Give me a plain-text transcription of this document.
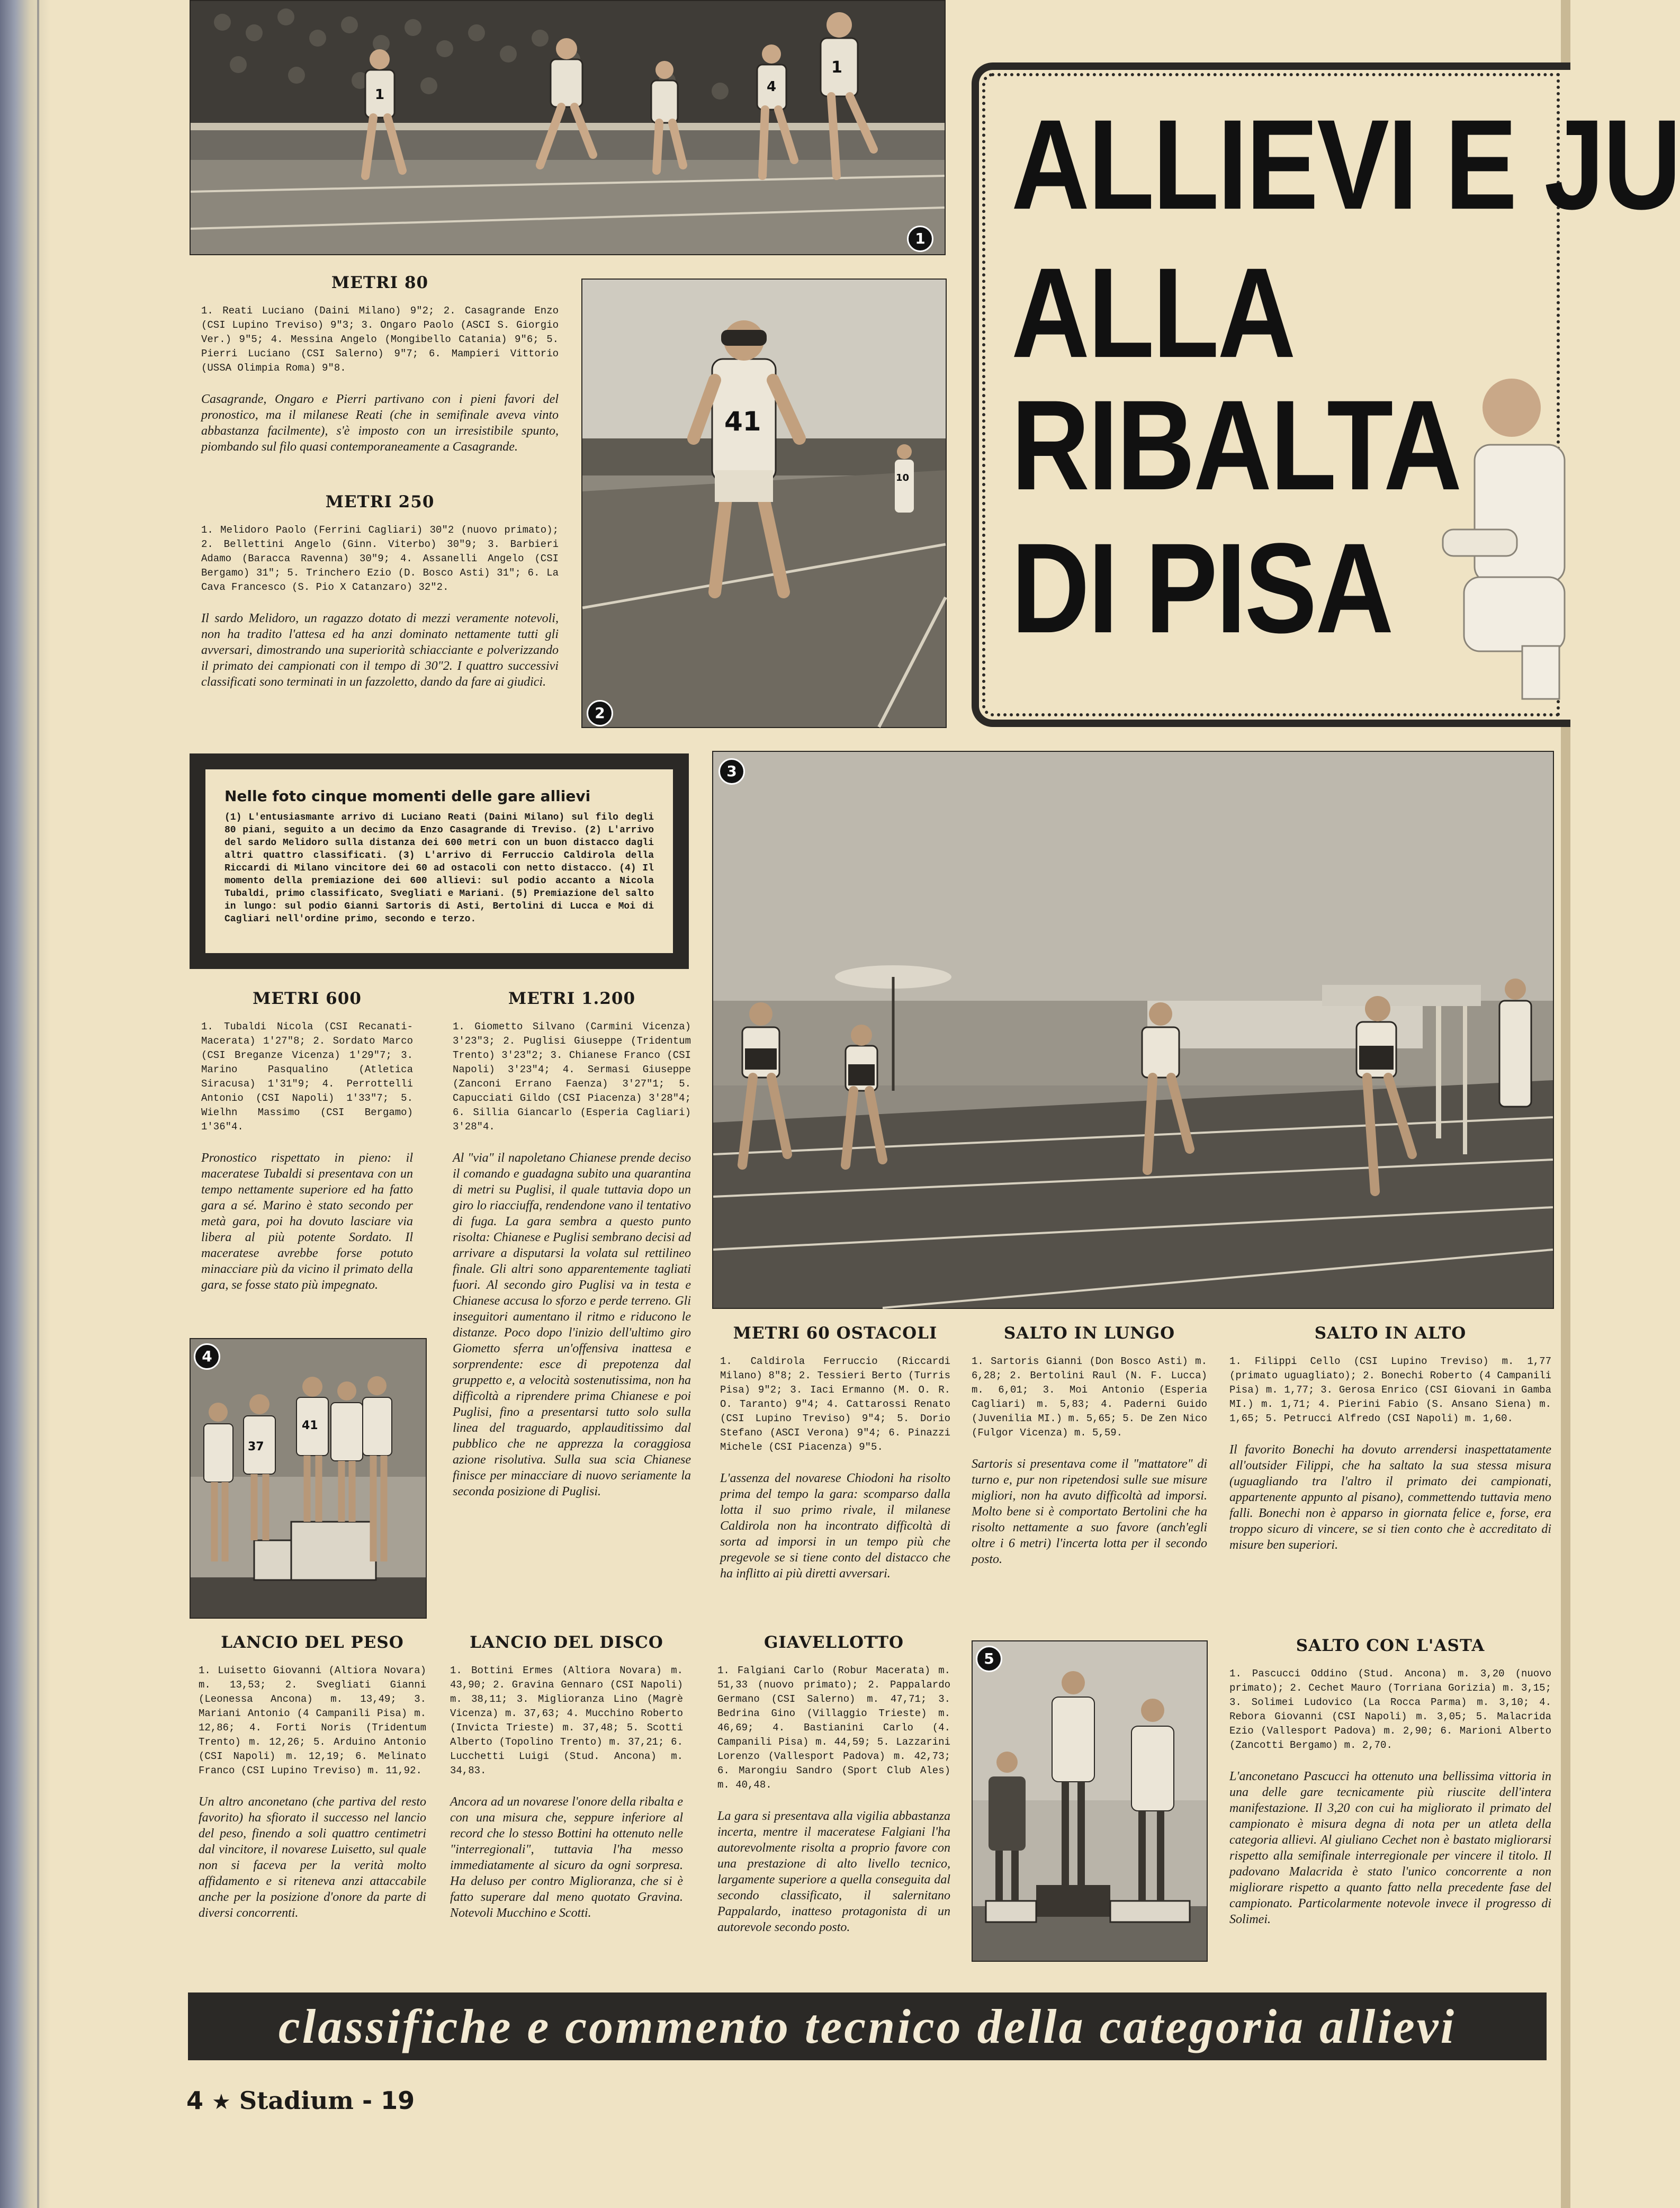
1
4
1
1
41
10
2
3
37
41
4
5
ALLIEVI E JU
ALLA
RIBALTA
DI PISA
Nelle foto cinque momenti delle gare allievi

(1) L'entusiasmante arrivo di Luciano Reati (Daini Milano) sul filo degli 80 piani, seguito a un decimo da Enzo Casagrande di Treviso. (2) L'arrivo del sardo Melidoro sulla distanza dei 600 metri con un buon distacco dagli altri quattro classificati. (3) L'arrivo di Ferruccio Caldirola della Riccardi di Milano vincitore dei 60 ad ostacoli con netto distacco. (4) Il momento della premiazione dei 600 allievi: sul podio accanto a Nicola Tubaldi, primo classificato, Svegliati e Mariani. (5) Premiazione del salto in lungo: sul podio Gianni Sartoris di Asti, Bertolini di Lucca e Moi di Cagliari nell'ordine primo, secondo e terzo.

METRI 80

1. Reati Luciano (Daini Milano) 9"2; 2. Casagrande Enzo (CSI Lupino Treviso) 9"3; 3. Ongaro Paolo (ASCI S. Giorgio Ver.) 9"5; 4. Messina Angelo (Mongibello Catania) 9"6; 5. Pierri Luciano (CSI Salerno) 9"7; 6. Mampieri Vittorio (USSA Olimpia Roma) 9"8.

Casagrande, Ongaro e Pierri partivano con i pieni favori del pronostico, ma il milanese Reati (che in semifinale aveva vinto abbastanza facilmente), s'è imposto con un irresistibile spunto, piombando sul filo quasi contemporaneamente a Casagrande.

METRI 250

1. Melidoro Paolo (Ferrini Cagliari) 30"2 (nuovo primato); 2. Bellettini Angelo (Ginn. Viterbo) 30"9; 3. Barbieri Adamo (Baracca Ravenna) 30"9; 4. Assanelli Angelo (CSI Bergamo) 31"; 5. Trinchero Ezio (D. Bosco Asti) 31"; 6. La Cava Francesco (S. Pio X Catanzaro) 32"2.

Il sardo Melidoro, un ragazzo dotato di mezzi veramente notevoli, non ha tradito l'attesa ed ha anzi dominato nettamente tutti gli avversari, dimostrando una superiorità schiacciante e polverizzando il primato dei campionati con il tempo di 30"2. I quattro successivi classificati sono terminati in un fazzoletto, dando da fare ai giudici.

METRI 600

1. Tubaldi Nicola (CSI Recanati-Macerata) 1'27"8; 2. Sordato Marco (CSI Breganze Vicenza) 1'29"7; 3. Marino Pasqualino (Atletica Siracusa) 1'31"9; 4. Perrottelli Antonio (CSI Napoli) 1'33"7; 5. Wielhn Massimo (CSI Bergamo) 1'36"4.

Pronostico rispettato in pieno: il maceratese Tubaldi si presentava con un tempo nettamente superiore ed ha fatto gara a sé. Marino è stato secondo per metà gara, poi ha dovuto lasciare via libera al più potente Sordato. Il maceratese avrebbe forse potuto minacciare più da vicino il primato della gara, se fosse stato più impegnato.

METRI 1.200

1. Giometto Silvano (Carmini Vicenza) 3'23"3; 2. Puglisi Giuseppe (Tridentum Trento) 3'23"2; 3. Chianese Franco (CSI Napoli) 3'23"4; 4. Sermasi Giuseppe (Zanconi Errano Faenza) 3'27"1; 5. Capucciati Gildo (CSI Piacenza) 3'28"4; 6. Sillia Giancarlo (Esperia Cagliari) 3'28"4.

Al "via" il napoletano Chianese prende deciso il comando e guadagna subito una quarantina di metri su Puglisi, il quale tuttavia dopo un giro lo riacciuffa, rendendone vano il tentativo di fuga. La gara sembra a questo punto risolta: Chianese e Puglisi sembrano decisi ad arrivare a disputarsi la volata sul rettilineo finale. Gli altri sono apparentemente tagliati fuori. Al secondo giro Puglisi va in testa e Chianese accusa lo sforzo e perde terreno. Gli inseguitori aumentano il ritmo e riducono le distanze. Poco dopo l'inizio dell'ultimo giro Giometto sferra un'offensiva inattesa e sorprendente: esce di prepotenza dal gruppetto e, a velocità sostenutissima, non ha difficoltà a riprendere prima Chianese e poi Puglisi, fino a presentarsi tutto solo sulla linea del traguardo, applauditissimo dal pubblico che ne apprezza la coraggiosa azione risolutiva. Sulla sua scia Chianese finisce per minacciare di nuovo seriamente la seconda posizione di Puglisi.

METRI 60 OSTACOLI

1. Caldirola Ferruccio (Riccardi Milano) 8"8; 2. Tessieri Berto (Turris Pisa) 9"2; 3. Iaci Ermanno (M. O. R. O. Taranto) 9"4; 4. Cattarossi Renato (CSI Lupino Treviso) 9"4; 5. Dorio Stefano (ASCI Verona) 9"4; 6. Pinazzi Michele (CSI Piacenza) 9"5.

L'assenza del novarese Chiodoni ha risolto prima del tempo la gara: scomparso dalla lotta il suo primo rivale, il milanese Caldirola non ha incontrato difficoltà di sorta ad imporsi in un tempo più che pregevole se si tiene conto del distacco che ha inflitto ai più diretti avversari.

SALTO IN LUNGO

1. Sartoris Gianni (Don Bosco Asti) m. 6,28; 2. Bertolini Raul (N. F. Lucca) m. 6,01; 3. Moi Antonio (Esperia Cagliari) m. 5,83; 4. Paderni Guido (Juvenilia MI.) m. 5,65; 5. De Zen Nico (Fulgor Vicenza) m. 5,59.

Sartoris si presentava come il "mattatore" di turno e, pur non ripetendosi sulle sue misure migliori, non ha avuto difficoltà ad imporsi. Molto bene si è comportato Bertolini che ha risolto nettamente a suo favore (anch'egli oltre i 6 metri) l'incerta lotta per il secondo posto.

SALTO IN ALTO

1. Filippi Cello (CSI Lupino Treviso) m. 1,77 (primato uguagliato); 2. Bonechi Roberto (4 Campanili Pisa) m. 1,77; 3. Gerosa Enrico (CSI Giovani in Gamba MI.) m. 1,71; 4. Pierini Fabio (S. Ansano Siena) m. 1,65; 5. Petrucci Alfredo (CSI Napoli) m. 1,60.

Il favorito Bonechi ha dovuto arrendersi inaspettatamente all'outsider Filippi, che ha saltato la sua stessa misura (uguagliando tra l'altro il primato dei campionati, appartenente appunto al pisano), commettendo tuttavia meno falli. Bonechi non è apparso in giornata felice e, forse, era troppo sicuro di vincere, se si tien conto che è accreditato di misure ben superiori.

LANCIO DEL PESO

1. Luisetto Giovanni (Altiora Novara) m. 13,53; 2. Svegliati Gianni (Leonessa Ancona) m. 13,49; 3. Mariani Antonio (4 Campanili Pisa) m. 12,86; 4. Forti Noris (Tridentum Trento) m. 12,26; 5. Arduino Antonio (CSI Napoli) m. 12,19; 6. Melinato Franco (CSI Lupino Treviso) m. 11,92.

Un altro anconetano (che partiva del resto favorito) ha sfiorato il successo nel lancio del peso, finendo a soli quattro centimetri dal vincitore, il novarese Luisetto, sul quale non si faceva per la verità molto affidamento e si riteneva anzi attaccabile anche per la posizione d'onore da parte di diversi concorrenti.

LANCIO DEL DISCO

1. Bottini Ermes (Altiora Novara) m. 43,90; 2. Gravina Gennaro (CSI Napoli) m. 38,11; 3. Miglioranza Lino (Magrè Vicenza) m. 37,63; 4. Mucchino Roberto (Invicta Trieste) m. 37,48; 5. Scotti Alberto (Topolino Trento) m. 37,21; 6. Lucchetti Luigi (Stud. Ancona) m. 34,83.

Ancora ad un novarese l'onore della ribalta e con una misura che, seppure inferiore al record che lo stesso Bottini ha ottenuto nelle "interregionali", tuttavia l'ha messo immediatamente al sicuro da ogni sorpresa. Ha deluso per contro Miglioranza, che si è fatto superare dal meno quotato Gravina. Notevoli Mucchino e Scotti.

GIAVELLOTTO

1. Falgiani Carlo (Robur Macerata) m. 51,33 (nuovo primato); 2. Pappalardo Germano (CSI Salerno) m. 47,71; 3. Bedrina Gino (Villaggio Trieste) m. 46,69; 4. Bastianini Carlo (4. Campanili Pisa) m. 44,59; 5. Lazzarini Lorenzo (Vallesport Padova) m. 42,73; 6. Marongiu Sandro (Sport Club Ales) m. 40,48.

La gara si presentava alla vigilia abbastanza incerta, mentre il maceratese Falgiani l'ha autorevolmente risolta a proprio favore con una prestazione di alto livello tecnico, largamente superiore a quella conseguita dal secondo classificato, il salernitano Pappalardo, inatteso protagonista di un autorevole secondo posto.

SALTO CON L'ASTA

1. Pascucci Oddino (Stud. Ancona) m. 3,20 (nuovo primato); 2. Cechet Mauro (Torriana Gorizia) m. 3,15; 3. Solimei Ludovico (La Rocca Parma) m. 3,10; 4. Rebora Giovanni (CSI Napoli) m. 3,05; 5. Malacrida Ezio (Vallesport Padova) m. 2,90; 6. Marioni Alberto (Zancotti Bergamo) m. 2,70.

L'anconetano Pascucci ha ottenuto una bellissima vittoria in una delle gare tecnicamente più riuscite dell'intera manifestazione. Il 3,20 con cui ha migliorato il primato del campionato è misura degna di nota per un atleta della categoria allievi. Al giuliano Cechet non è bastato migliorarsi rispetto alla semifinale interregionale per vincere il titolo. Il padovano Malacrida è stato l'unico concorrente a non migliorare rispetto a quanto fatto nella precedente fase del campionato. Particolarmente notevole invece il progresso di Solimei.

classifiche e commento tecnico della categoria allievi
4 ★ Stadium - 19
